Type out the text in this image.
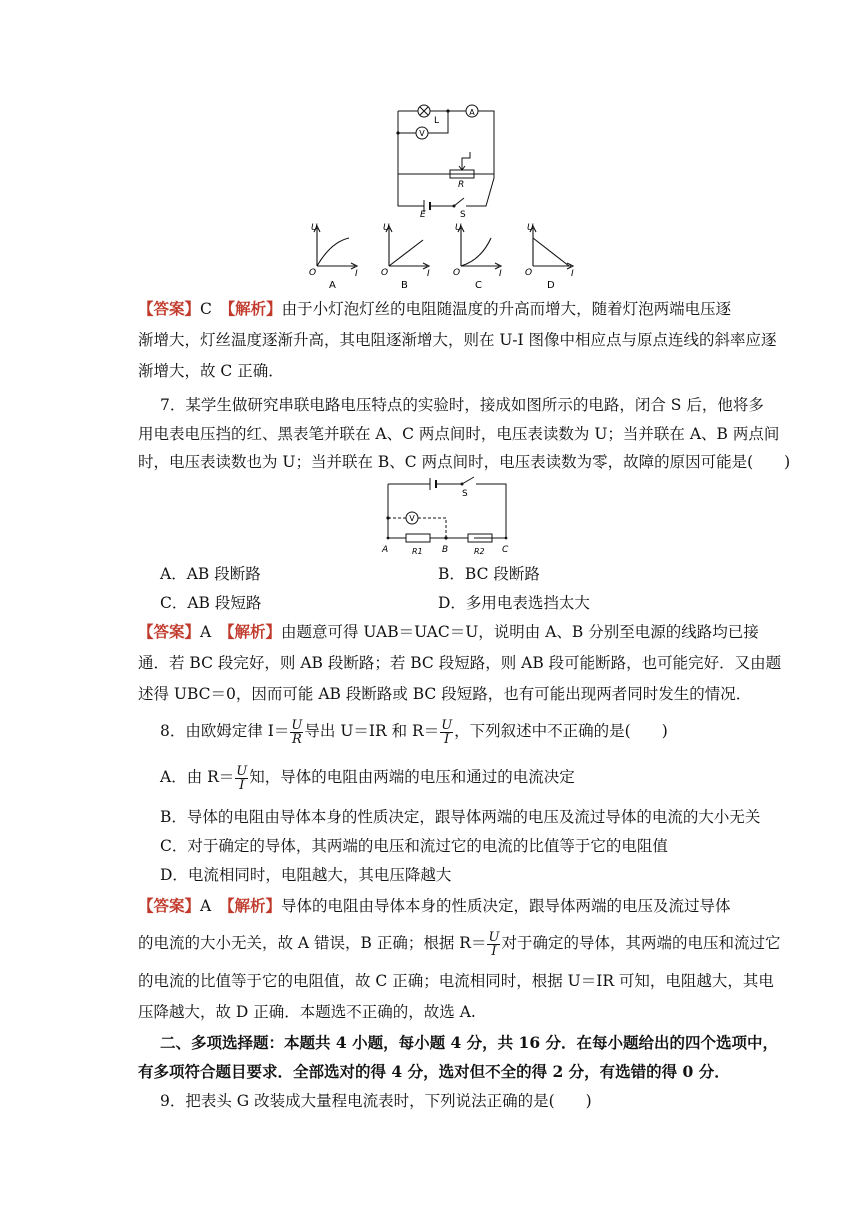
A
V
L
R
E	S
U
I
O
U
I
O
U
I
O
U
I
O
A	B	C	D
【答案】C　 【解析】由于小灯泡灯丝的电阻随温度的升高而增大，随着灯泡两端电压逐
渐增大，灯丝温度逐渐升高，其电阻逐渐增大，则在 U-I 图像中相应点与原点连线的斜率应逐
渐增大，故 C 正确．
7．某学生做研究串联电路电压特点的实验时，接成如图所示的电路，闭合 S 后，他将多
用电表电压挡的红、黑表笔并联在 A、C 两点间时，电压表读数为 U；当并联在 A、B 两点间
时，电压表读数也为 U；当并联在 B、C 两点间时，电压表读数为零，故障的原因可能是(　　)
V
S
A	B	C
R1	R2
A．AB 段断路	B．BC 段断路
C．AB 段短路	D．多用电表选挡太大
【答案】A　 【解析】由题意可得 UAB＝UAC＝U，说明由 A、B 分别至电源的线路均已接
通．若 BC 段完好，则 AB 段断路；若 BC 段短路，则 AB 段可能断路，也可能完好．又由题
述得 UBC＝0，因而可能 AB 段断路或 BC 段短路，也有可能出现两者同时发生的情况．
8．由欧姆定律 $I= \frac{U}{R}$ 导出 U＝IR 和 $R= \frac{U}{I}$ ，下列叙述中不正确的是(　　)
A．由 $R= \frac{U}{I}$ 知，导体的电阻由两端的电压和通过的电流决定
B．导体的电阻由导体本身的性质决定，跟导体两端的电压及流过导体的电流的大小无关
C．对于确定的导体，其两端的电压和流过它的电流的比值等于它的电阻值
D．电流相同时，电阻越大，其电压降越大
【答案】A　 【解析】导体的电阻由导体本身的性质决定，跟导体两端的电压及流过导体
的电流的大小无关，故 A 错误，B 正确；根据 $R= \frac{U}{I}$ 对于确定的导体，其两端的电压和流过它
的电流的比值等于它的电阻值，故 C 正确；电流相同时，根据 U＝IR 可知，电阻越大，其电
压降越大，故 D 正确．本题选不正确的，故选 A.
二、多项选择题：本题共 4 小题，每小题 4 分，共 16 分．在每小题给出的四个选项中，
有多项符合题目要求．全部选对的得 4 分，选对但不全的得 2 分，有选错的得 0 分．
9．把表头 G 改装成大量程电流表时，下列说法正确的是(　　)
